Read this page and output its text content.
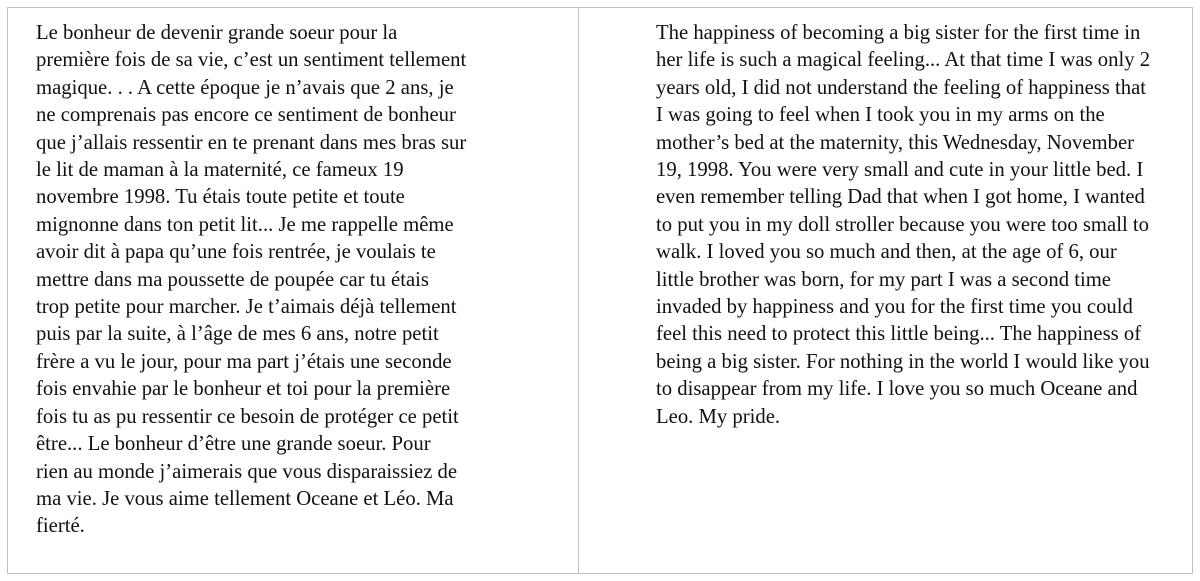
Le bonheur de devenir grande soeur pour la
première fois de sa vie, c’est un sentiment tellement
magique. . . A cette époque je n’avais que 2 ans, je
ne comprenais pas encore ce sentiment de bonheur
que j’allais ressentir en te prenant dans mes bras sur
le lit de maman à la maternité, ce fameux 19
novembre 1998. Tu étais toute petite et toute
mignonne dans ton petit lit... Je me rappelle même
avoir dit à papa qu’une fois rentrée, je voulais te
mettre dans ma poussette de poupée car tu étais
trop petite pour marcher. Je t’aimais déjà tellement
puis par la suite, à l’âge de mes 6 ans, notre petit
frère a vu le jour, pour ma part j’étais une seconde
fois envahie par le bonheur et toi pour la première
fois tu as pu ressentir ce besoin de protéger ce petit
être... Le bonheur d’être une grande soeur. Pour
rien au monde j’aimerais que vous disparaissiez de
ma vie. Je vous aime tellement Oceane et Léo. Ma
fierté.

The happiness of becoming a big sister for the first time in
her life is such a magical feeling... At that time I was only 2
years old, I did not understand the feeling of happiness that
I was going to feel when I took you in my arms on the
mother’s bed at the maternity, this Wednesday, November
19, 1998. You were very small and cute in your little bed. I
even remember telling Dad that when I got home, I wanted
to put you in my doll stroller because you were too small to
walk. I loved you so much and then, at the age of 6, our
little brother was born, for my part I was a second time
invaded by happiness and you for the first time you could
feel this need to protect this little being... The happiness of
being a big sister. For nothing in the world I would like you
to disappear from my life. I love you so much Oceane and
Leo. My pride.
